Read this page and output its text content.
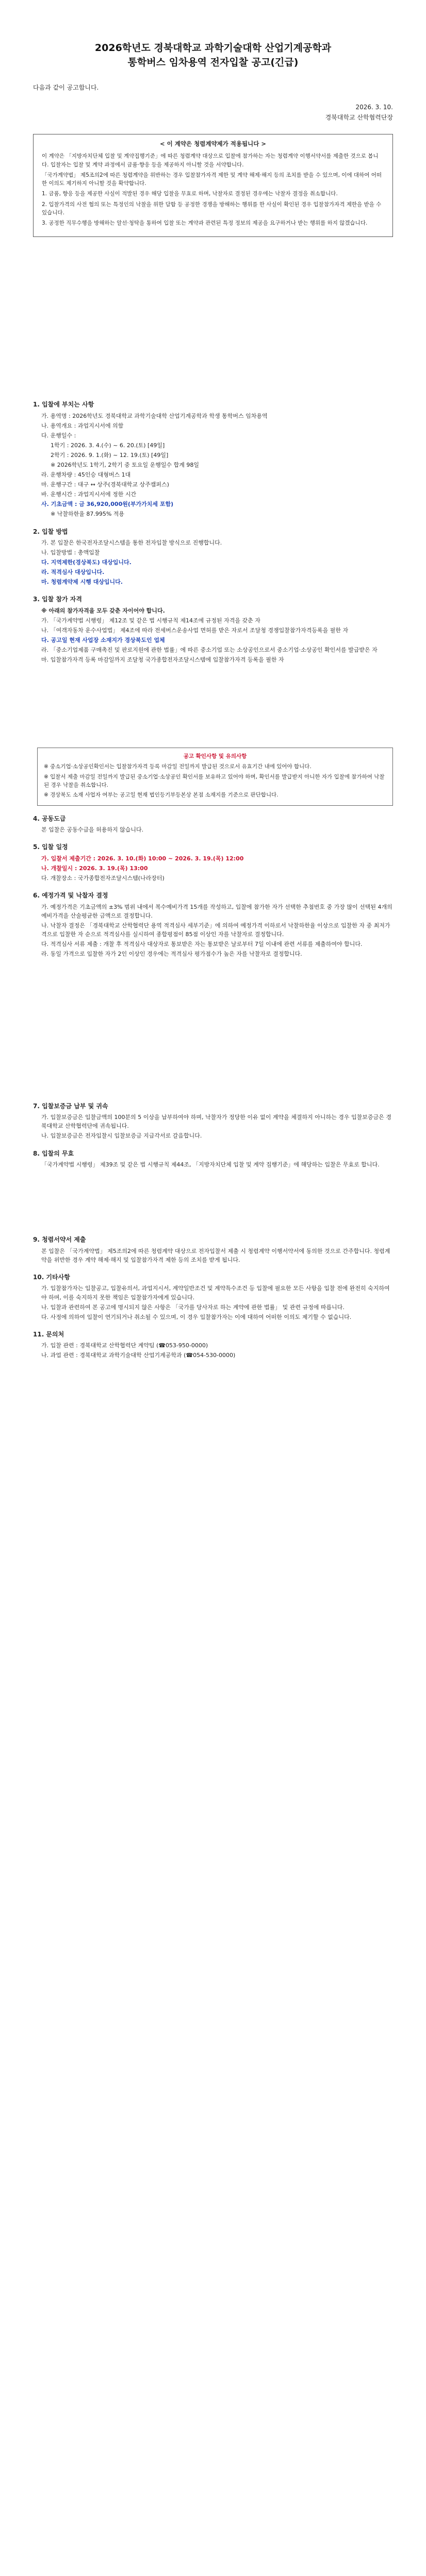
2026학년도 경북대학교 과학기술대학 산업기계공학과

통학버스 임차용역 전자입찰 공고(긴급)

다음과 같이 공고합니다.
2026. 3. 10.
경북대학교 산학협력단장
< 이 계약은 청렴계약제가 적용됩니다 >

이 계약은 「지방자치단체 입찰 및 계약집행기준」에 따른 청렴계약 대상으로 입찰에 참가하는 자는 청렴계약 이행서약서를 제출한 것으로 봅니다. 입찰자는 입찰 및 계약 과정에서 금품·향응 등을 제공하지 아니할 것을 서약합니다.

「국가계약법」 제5조의2에 따른 청렴계약을 위반하는 경우 입찰참가자격 제한 및 계약 해제·해지 등의 조치를 받을 수 있으며, 이에 대하여 어떠한 이의도 제기하지 아니할 것을 확약합니다.

1. 금품, 향응 등을 제공한 사실이 적발된 경우 해당 입찰을 무효로 하며, 낙찰자로 결정된 경우에는 낙찰자 결정을 취소합니다.

2. 입찰가격의 사전 협의 또는 특정인의 낙찰을 위한 담합 등 공정한 경쟁을 방해하는 행위를 한 사실이 확인된 경우 입찰참가자격 제한을 받을 수 있습니다.

3. 공정한 직무수행을 방해하는 알선·청탁을 통하여 입찰 또는 계약과 관련된 특정 정보의 제공을 요구하거나 받는 행위를 하지 않겠습니다.

1. 입찰에 부치는 사항

가. 용역명 : 2026학년도 경북대학교 과학기술대학 산업기계공학과 학생 통학버스 임차용역

나. 용역개요 : 과업지시서에 의함

다. 운행일수 :

1학기 : 2026. 3. 4.(수) ~ 6. 20.(토) [49일]

2학기 : 2026. 9. 1.(화) ~ 12. 19.(토) [49일]

※ 2026학년도 1학기, 2학기 중 토요일 운행일수 합계 98일

라. 운행차량 : 45인승 대형버스 1대

마. 운행구간 : 대구 ↔ 상주(경북대학교 상주캠퍼스)

바. 운행시간 : 과업지시서에 정한 시간

사. 기초금액 : 금 36,920,000원(부가가치세 포함)

※ 낙찰하한율 87.995% 적용

2. 입찰 방법

가. 본 입찰은 한국전자조달시스템을 통한 전자입찰 방식으로 진행합니다.

나. 입찰방법 : 총액입찰

다. 지역제한(경상북도) 대상입니다.

라. 적격심사 대상입니다.

마. 청렴계약제 시행 대상입니다.

3. 입찰 참가 자격

※ 아래의 참가자격을 모두 갖춘 자이어야 합니다.

가. 「국가계약법 시행령」 제12조 및 같은 법 시행규칙 제14조에 규정된 자격을 갖춘 자

나. 「여객자동차 운수사업법」 제4조에 따라 전세버스운송사업 면허를 받은 자로서 조달청 경쟁입찰참가자격등록을 필한 자

다. 공고일 현재 사업장 소재지가 경상북도인 업체

라. 「중소기업제품 구매촉진 및 판로지원에 관한 법률」에 따른 중소기업 또는 소상공인으로서 중소기업·소상공인 확인서를 발급받은 자

마. 입찰참가자격 등록 마감일까지 조달청 국가종합전자조달시스템에 입찰참가자격 등록을 필한 자

공고 확인사항 및 유의사항

※ 중소기업·소상공인확인서는 입찰참가자격 등록 마감일 전일까지 발급된 것으로서 유효기간 내에 있어야 합니다.

※ 입찰서 제출 마감일 전일까지 발급된 중소기업·소상공인 확인서를 보유하고 있어야 하며, 확인서를 발급받지 아니한 자가 입찰에 참가하여 낙찰된 경우 낙찰을 취소합니다.

※ 경상북도 소재 사업자 여부는 공고일 현재 법인등기부등본상 본점 소재지를 기준으로 판단합니다.

4. 공동도급

본 입찰은 공동수급을 허용하지 않습니다.

5. 입찰 일정

가. 입찰서 제출기간 : 2026. 3. 10.(화) 10:00 ~ 2026. 3. 19.(목) 12:00

나. 개찰일시 : 2026. 3. 19.(목) 13:00

다. 개찰장소 : 국가종합전자조달시스템(나라장터)

6. 예정가격 및 낙찰자 결정

가. 예정가격은 기초금액의 ±3% 범위 내에서 복수예비가격 15개를 작성하고, 입찰에 참가한 자가 선택한 추첨번호 중 가장 많이 선택된 4개의 예비가격을 산술평균한 금액으로 결정합니다.

나. 낙찰자 결정은 「경북대학교 산학협력단 용역 적격심사 세부기준」에 의하여 예정가격 이하로서 낙찰하한율 이상으로 입찰한 자 중 최저가격으로 입찰한 자 순으로 적격심사를 실시하여 종합평점이 85점 이상인 자를 낙찰자로 결정합니다.

다. 적격심사 서류 제출 : 개찰 후 적격심사 대상자로 통보받은 자는 통보받은 날로부터 7일 이내에 관련 서류를 제출하여야 합니다.

라. 동일 가격으로 입찰한 자가 2인 이상인 경우에는 적격심사 평가점수가 높은 자를 낙찰자로 결정합니다.

7. 입찰보증금 납부 및 귀속

가. 입찰보증금은 입찰금액의 100분의 5 이상을 납부하여야 하며, 낙찰자가 정당한 이유 없이 계약을 체결하지 아니하는 경우 입찰보증금은 경북대학교 산학협력단에 귀속됩니다.

나. 입찰보증금은 전자입찰시 입찰보증금 지급각서로 갈음합니다.

8. 입찰의 무효

「국가계약법 시행령」 제39조 및 같은 법 시행규칙 제44조, 「지방자치단체 입찰 및 계약 집행기준」에 해당하는 입찰은 무효로 합니다.

9. 청렴서약서 제출

본 입찰은 「국가계약법」 제5조의2에 따른 청렴계약 대상으로 전자입찰서 제출 시 청렴계약 이행서약서에 동의한 것으로 간주합니다. 청렴계약을 위반한 경우 계약 해제·해지 및 입찰참가자격 제한 등의 조치를 받게 됩니다.

10. 기타사항

가. 입찰참가자는 입찰공고, 입찰유의서, 과업지시서, 계약일반조건 및 계약특수조건 등 입찰에 필요한 모든 사항을 입찰 전에 완전히 숙지하여야 하며, 이를 숙지하지 못한 책임은 입찰참가자에게 있습니다.

나. 입찰과 관련하여 본 공고에 명시되지 않은 사항은 「국가를 당사자로 하는 계약에 관한 법률」 및 관련 규정에 따릅니다.

다. 사정에 의하여 입찰이 연기되거나 취소될 수 있으며, 이 경우 입찰참가자는 이에 대하여 어떠한 이의도 제기할 수 없습니다.

11. 문의처

가. 입찰 관련 : 경북대학교 산학협력단 계약팀 (☎053-950-0000)

나. 과업 관련 : 경북대학교 과학기술대학 산업기계공학과 (☎054-530-0000)
